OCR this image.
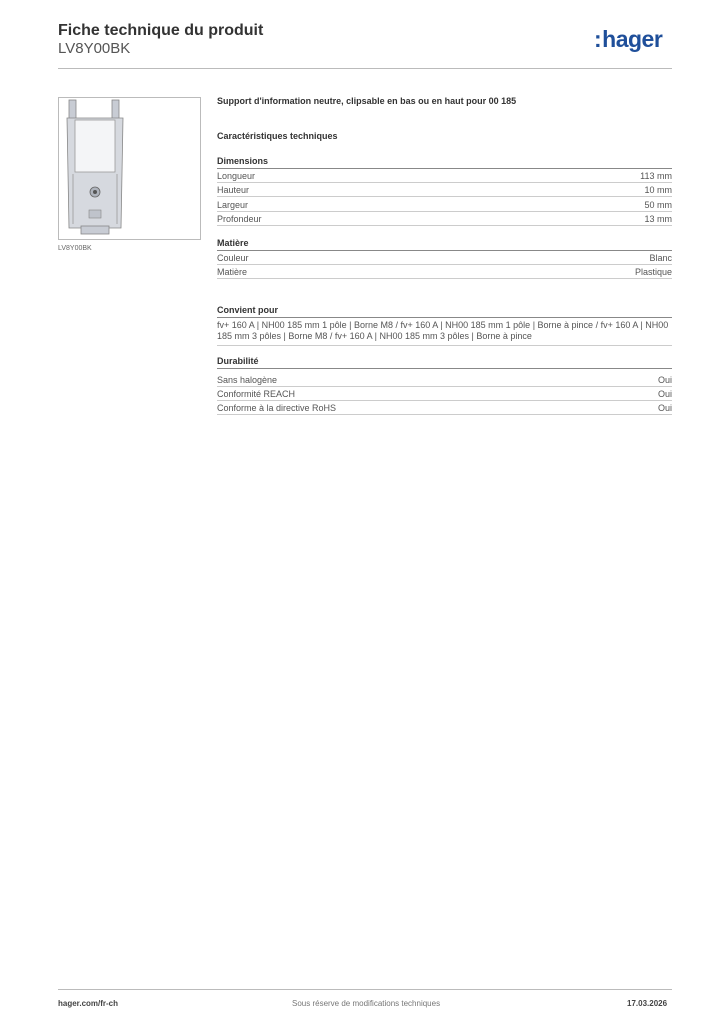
Fiche technique du produit
LV8Y00BK	:hager
LV8Y00BK
Support d'information neutre, clipsable en bas ou en haut pour 00 185
Caractéristiques techniques
Dimensions
Longueur	113 mm
Hauteur	10 mm
Largeur	50 mm
Profondeur	13 mm
Matière
Couleur	Blanc
Matière	Plastique
Convient pour
fv+ 160 A | NH00 185 mm 1 pôle | Borne M8 / fv+ 160 A | NH00 185 mm 1 pôle | Borne à pince / fv+ 160 A | NH00 185 mm 3 pôles | Borne M8 / fv+ 160 A | NH00 185 mm 3 pôles | Borne à pince
Durabilité
Sans halogène	Oui
Conformité REACH	Oui
Conforme à la directive RoHS	Oui
hager.com/fr-ch	Sous réserve de modifications techniques	17.03.2026
